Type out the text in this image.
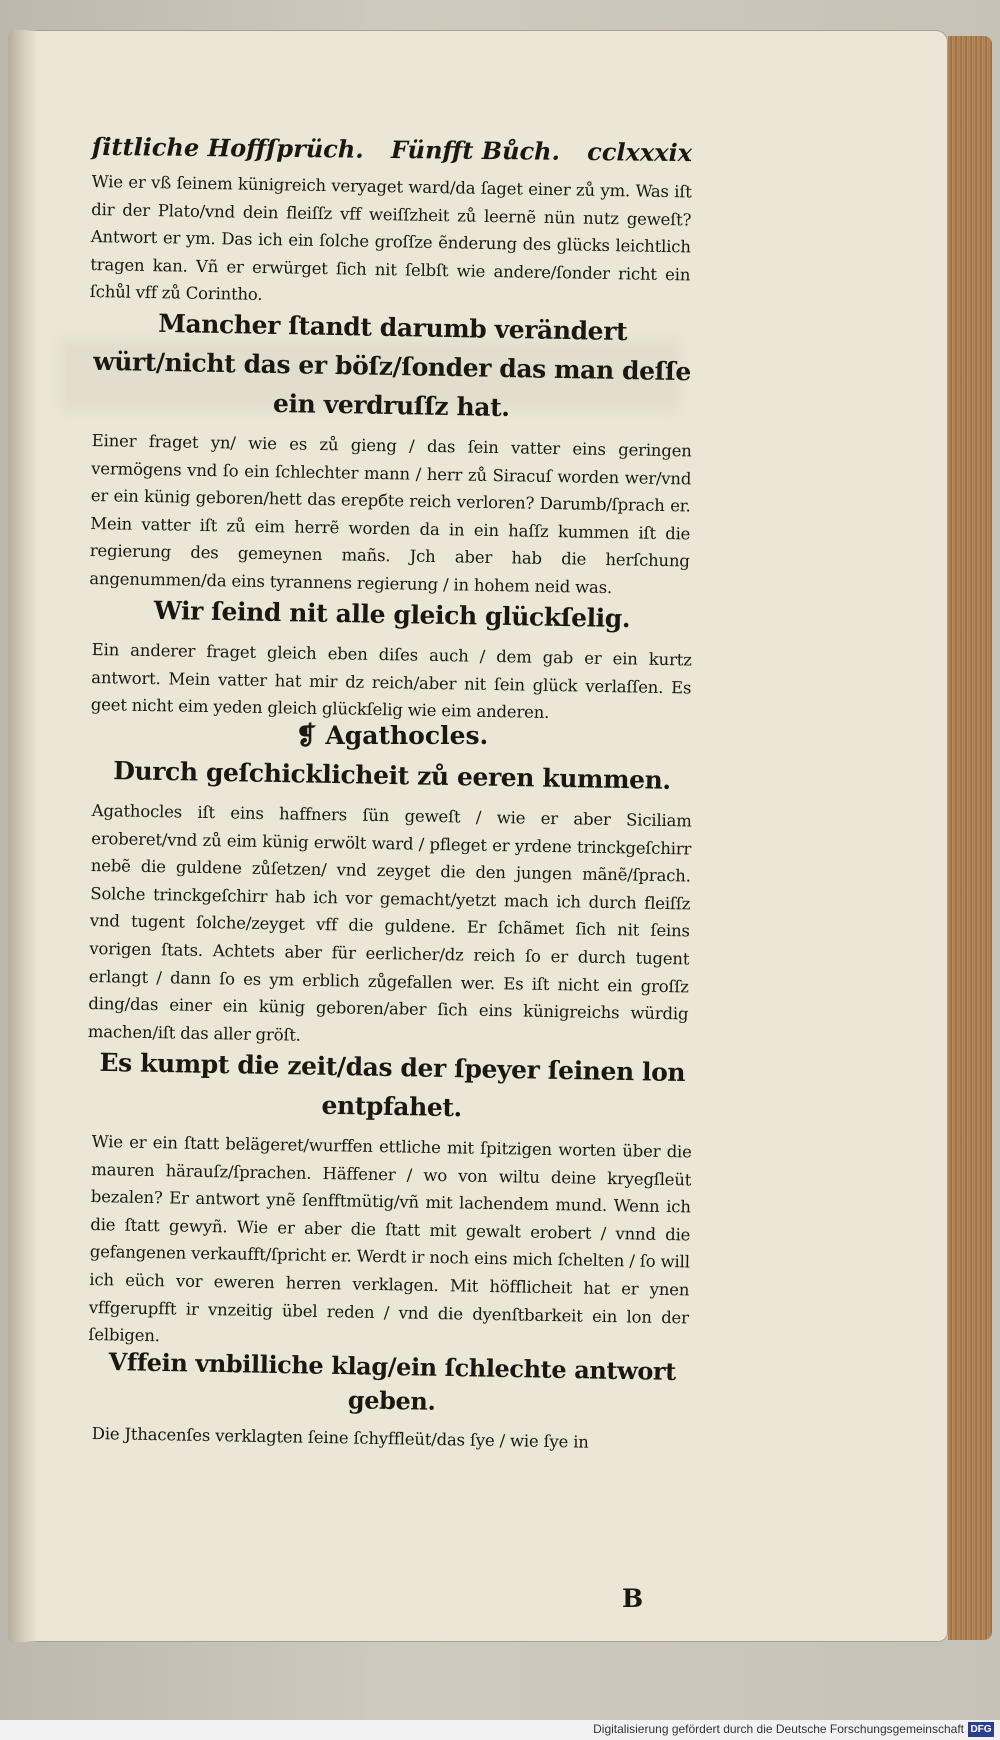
ſittliche Hoffſprüch. Fünfft Bůch. cclxxxix

Wie er vß ſeinem künigreich veryaget ward/da ſaget einer zů ym. Was iſt dir der Plato/vnd dein fleiſſz vff weiſſzheit zů leernẽ nün nutz geweſt? Antwort er ym. Das ich ein ſolche groſſze ẽnderung des glücks leichtlich tragen kan. Vñ er erwürget ſich nit ſelbſt wie andere/ſonder richt ein ſchůl vff zů Corintho.

Mancher ſtandt darumb verändert würt/nicht das er böſz/ſonder das man deſſe ein verdruſſz hat.

Einer fraget yn/ wie es zů gieng / das ſein vatter eins geringen vermögens vnd ſo ein ſchlechter mann / herr zů Siracuſ worden wer/vnd er ein künig geboren/hett das erербte reich verloren? Darumb/ſprach er. Mein vatter iſt zů eim herrẽ worden da in ein haſſz kummen iſt die regierung des gemeynen mañs. Jch aber hab die herſchung angenummen/da eins tyrannens regierung / in hohem neid was.

Wir ſeind nit alle gleich glückſelig.

Ein anderer fraget gleich eben diſes auch / dem gab er ein kurtz antwort. Mein vatter hat mir dz reich/aber nit ſein glück verlaſſen. Es geet nicht eim yeden gleich glückſelig wie eim anderen.

❡ Agathocles.
Durch geſchicklicheit zů eeren kummen.

Agathocles iſt eins haffners ſün geweſt / wie er aber Siciliam eroberet/vnd zů eim künig erwölt ward / pfleget er yrdene trinckgeſchirr nebẽ die guldene zůſetzen/ vnd zeyget die den jungen mãnẽ/ſprach. Solche trinckgeſchirr hab ich vor gemacht/yetzt mach ich durch fleiſſz vnd tugent ſolche/zeyget vff die guldene. Er ſchãmet ſich nit ſeins vorigen ſtats. Achtets aber für eerlicher/dz reich ſo er durch tugent erlangt / dann ſo es ym erblich zůgefallen wer. Es iſt nicht ein groſſz ding/das einer ein künig geboren/aber ſich eins künigreichs würdig machen/iſt das aller gröſt.

Es kumpt die zeit/das der ſpeyer ſeinen lon entpfahet.

Wie er ein ſtatt belägeret/wurffen ettliche mit ſpitzigen worten über die mauren härauſz/ſprachen. Häffener / wo von wiltu deine kryegſleüt bezalen? Er antwort ynẽ ſenfftmütig/vñ mit lachendem mund. Wenn ich die ſtatt gewyñ. Wie er aber die ſtatt mit gewalt erobert / vnnd die gefangenen verkaufft/ſpricht er. Werdt ir noch eins mich ſchelten / ſo will ich eüch vor eweren herren verklagen. Mit höfflicheit hat er ynen vffgerupfft ir vnzeitig übel reden / vnd die dyenſtbarkeit ein lon der ſelbigen.

Vffein vnbilliche klag/ein ſchlechte antwort geben.

Die Jthacenſes verklagten ſeine ſchyffleüt/das ſye / wie ſye in

B
Digitalisierung gefördert durch die Deutsche Forschungsgemeinschaft DFG
